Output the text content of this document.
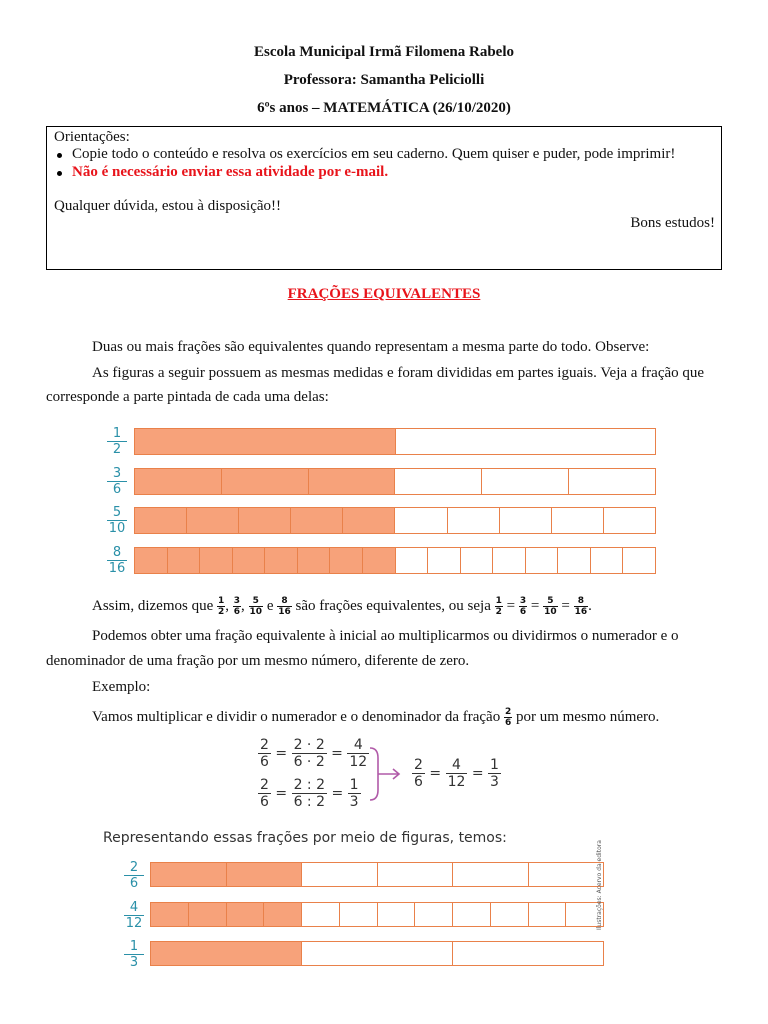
Escola Municipal Irmã Filomena Rabelo
Professora: Samantha Peliciolli
6ºs anos – MATEMÁTICA (26/10/2020)
Orientações:
Copie todo o conteúdo e resolva os exercícios em seu caderno. Quem quiser e puder, pode imprimir!
Não é necessário enviar essa atividade por e-mail.
Qualquer dúvida, estou à disposição!!
Bons estudos!
FRAÇÕES EQUIVALENTES
Duas ou mais frações são equivalentes quando representam a mesma parte do todo. Observe:
As figuras a seguir possuem as mesmas medidas e foram divididas em partes iguais. Veja a fração que
corresponde a parte pintada de cada uma delas:
1
2
3
6
5
10
8
16
Assim, dizemos que $\frac{1}{2}$ , $\frac{3}{6}$ , $\frac{5}{10}$ e $\frac{8}{16}$ são frações equivalentes, ou seja $\frac{1}{2} = \frac{3}{6} = \frac{5}{10} = \frac{8}{16}$ .
Podemos obter uma fração equivalente à inicial ao multiplicarmos ou dividirmos o numerador e o
denominador de uma fração por um mesmo número, diferente de zero.
Exemplo:
Vamos multiplicar e dividir o numerador e o denominador da fração $\frac{2}{6}$ por um mesmo número.
$\frac{2}{6} = \frac{2 \cdot 2}{6 \cdot 2} = \frac{4}{12}$
$\frac{2}{6} = \frac{2 : 2}{6 : 2} = \frac{1}{3}$
$\frac{2}{6} = \frac{4}{12} = \frac{1}{3}$
Representando essas frações por meio de figuras, temos:
2
6
4
12
1
3
Ilustrações: Acervo da editora
